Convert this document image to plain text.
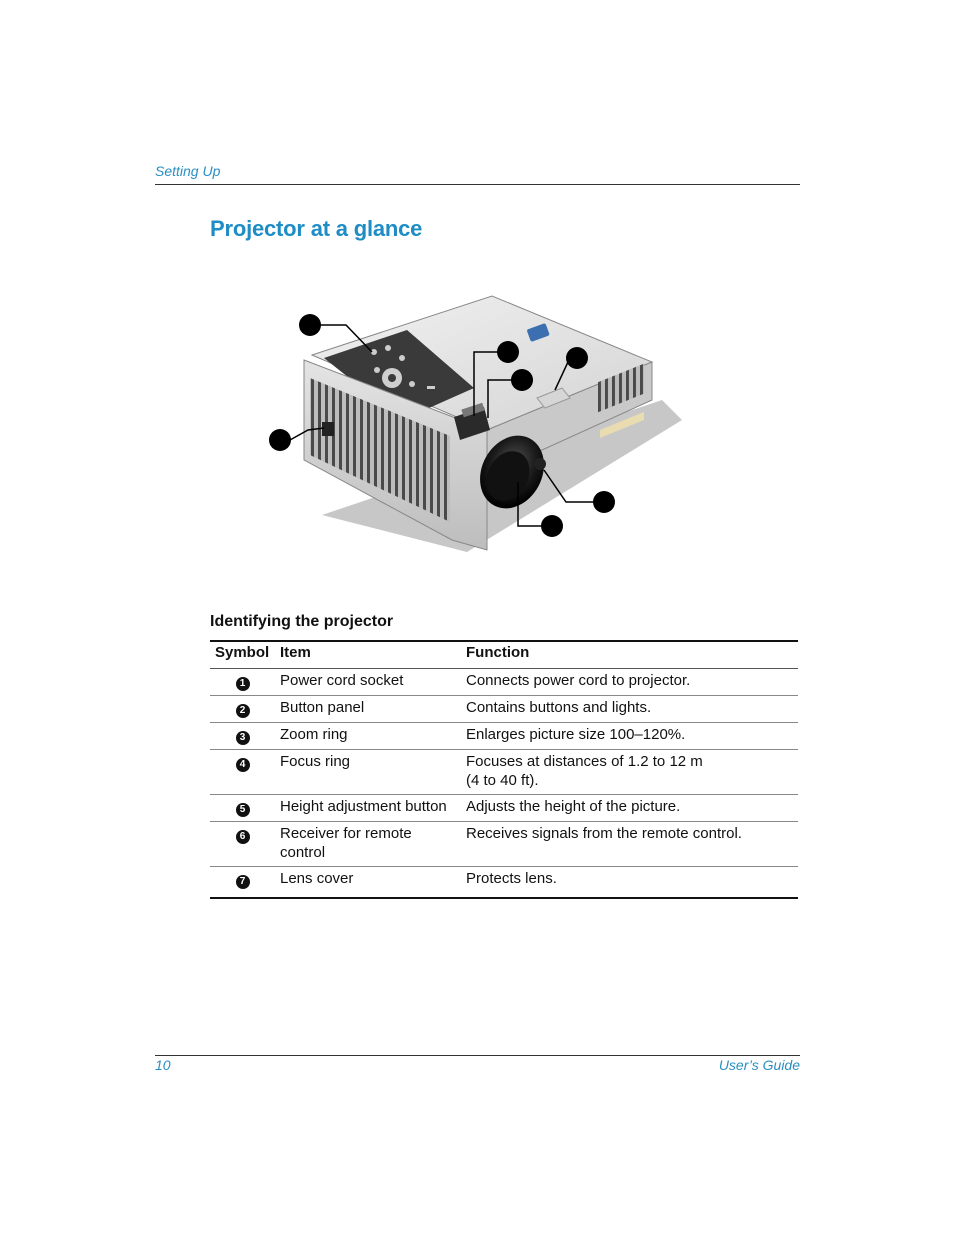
Setting Up
Projector at a glance
2
3	6
4
1
5
7
Identifying the projector
Symbol	Item	Function
1	Power cord socket	Connects power cord to projector.

2	Button panel	Contains buttons and lights.

3	Zoom ring	Enlarges picture size 100–120%.

4	Focus ring	Focuses at distances of 1.2 to 12 m
(4 to 40 ft).

5	Height adjustment button	Adjusts the height of the picture.

6	Receiver for remote control	Receives signals from the remote control.

7	Lens cover	Protects lens.
10	User’s Guide
